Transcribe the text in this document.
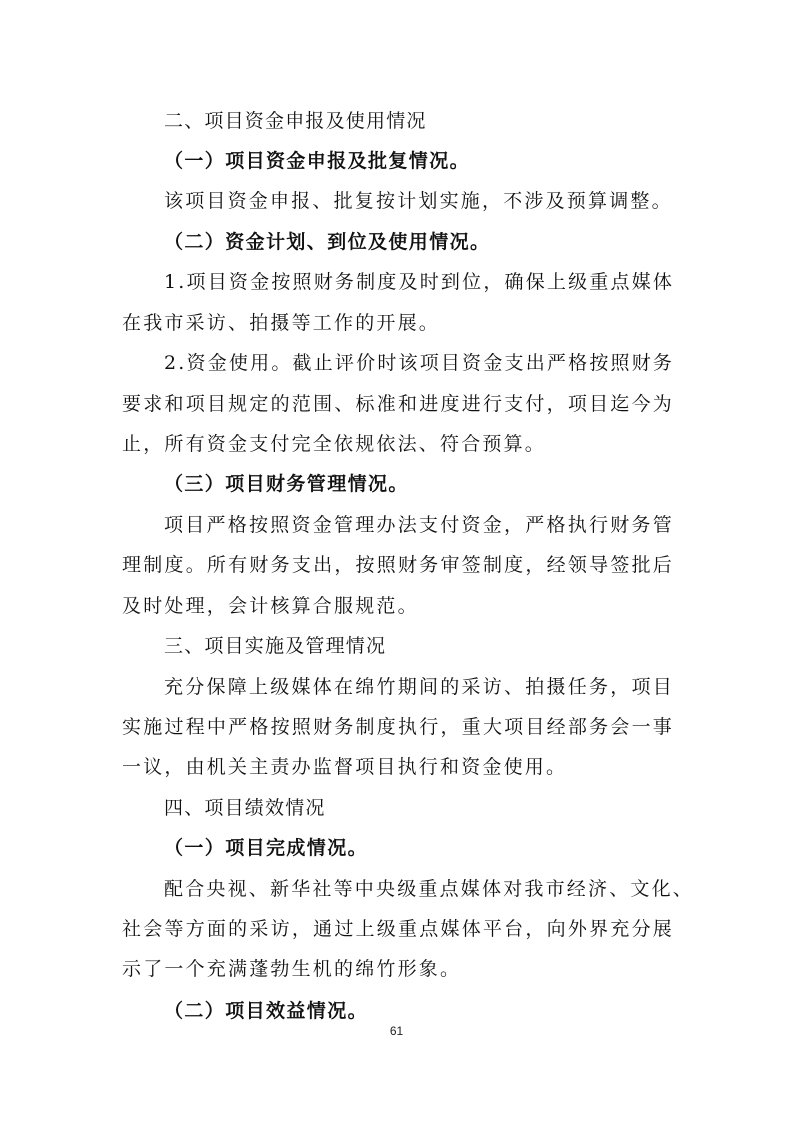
二、项目资金申报及使用情况
（一）项目资金申报及批复情况。
该项目资金申报、批复按计划实施，不涉及预算调整。
（二）资金计划、到位及使用情况。
1.项目资金按照财务制度及时到位，确保上级重点媒体
在我市采访、拍摄等工作的开展。
2.资金使用。截止评价时该项目资金支出严格按照财务
要求和项目规定的范围、标准和进度进行支付，项目迄今为
止，所有资金支付完全依规依法、符合预算。
（三）项目财务管理情况。
项目严格按照资金管理办法支付资金，严格执行财务管
理制度。所有财务支出，按照财务审签制度，经领导签批后
及时处理，会计核算合服规范。
三、项目实施及管理情况
充分保障上级媒体在绵竹期间的采访、拍摄任务，项目
实施过程中严格按照财务制度执行，重大项目经部务会一事
一议，由机关主责办监督项目执行和资金使用。
四、项目绩效情况
（一）项目完成情况。
配合央视、新华社等中央级重点媒体对我市经济、文化、
社会等方面的采访，通过上级重点媒体平台，向外界充分展
示了一个充满蓬勃生机的绵竹形象。
（二）项目效益情况。
61
